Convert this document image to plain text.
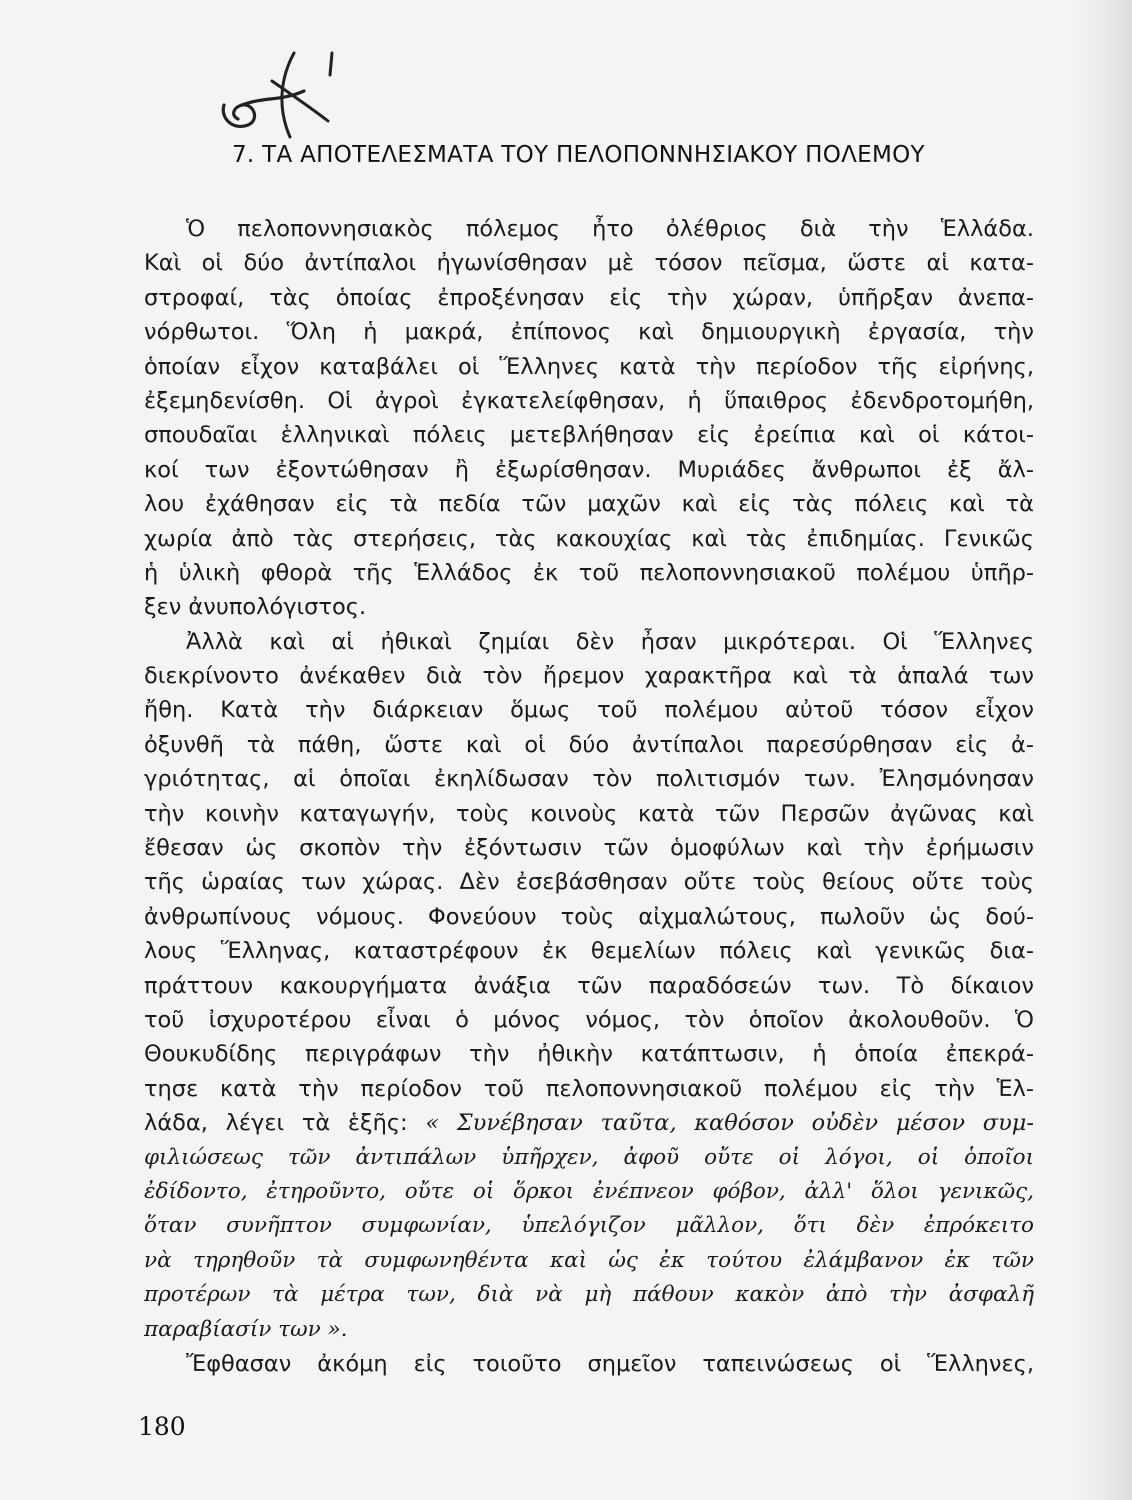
7. ΤΑ ΑΠΟΤΕΛΕΣΜΑΤΑ ΤΟΥ ΠΕΛΟΠΟΝΝΗΣΙΑΚΟΥ ΠΟΛΕΜΟΥ
Ὁ πελοποννησιακὸς πόλεμος ἦτο ὀλέθριος διὰ τὴν Ἑλλάδα.
Καὶ οἱ δύο ἀντίπαλοι ἠγωνίσθησαν μὲ τόσον πεῖσμα, ὥστε αἱ κατα-
στροφαί, τὰς ὁποίας ἐπροξένησαν εἰς τὴν χώραν, ὑπῆρξαν ἀνεπα-
νόρθωτοι. Ὅλη ἡ μακρά, ἐπίπονος καὶ δημιουργικὴ ἐργασία, τὴν
ὁποίαν εἶχον καταβάλει οἱ Ἕλληνες κατὰ τὴν περίοδον τῆς εἰρήνης,
ἐξεμηδενίσθη. Οἱ ἀγροὶ ἐγκατελείφθησαν, ἡ ὕπαιθρος ἐδενδροτομήθη,
σπουδαῖαι ἑλληνικαὶ πόλεις μετεβλήθησαν εἰς ἐρείπια καὶ οἱ κάτοι-
κοί των ἐξοντώθησαν ἢ ἐξωρίσθησαν. Μυριάδες ἄνθρωποι ἐξ ἄλ-
λου ἐχάθησαν εἰς τὰ πεδία τῶν μαχῶν καὶ εἰς τὰς πόλεις καὶ τὰ
χωρία ἀπὸ τὰς στερήσεις, τὰς κακουχίας καὶ τὰς ἐπιδημίας. Γενικῶς
ἡ ὑλικὴ φθορὰ τῆς Ἑλλάδος ἐκ τοῦ πελοποννησιακοῦ πολέμου ὑπῆρ-
ξεν ἀνυπολόγιστος.
Ἀλλὰ καὶ αἱ ἠθικαὶ ζημίαι δὲν ἦσαν μικρότεραι. Οἱ Ἕλληνες
διεκρίνοντο ἀνέκαθεν διὰ τὸν ἤρεμον χαρακτῆρα καὶ τὰ ἁπαλά των
ἤθη. Κατὰ τὴν διάρκειαν ὅμως τοῦ πολέμου αὐτοῦ τόσον εἶχον
ὀξυνθῆ τὰ πάθη, ὥστε καὶ οἱ δύο ἀντίπαλοι παρεσύρθησαν εἰς ἀ-
γριότητας, αἱ ὁποῖαι ἐκηλίδωσαν τὸν πολιτισμόν των. Ἐλησμόνησαν
τὴν κοινὴν καταγωγήν, τοὺς κοινοὺς κατὰ τῶν Περσῶν ἀγῶνας καὶ
ἔθεσαν ὡς σκοπὸν τὴν ἐξόντωσιν τῶν ὁμοφύλων καὶ τὴν ἐρήμωσιν
τῆς ὡραίας των χώρας. Δὲν ἐσεβάσθησαν οὔτε τοὺς θείους οὔτε τοὺς
ἀνθρωπίνους νόμους. Φονεύουν τοὺς αἰχμαλώτους, πωλοῦν ὡς δού-
λους Ἕλληνας, καταστρέφουν ἐκ θεμελίων πόλεις καὶ γενικῶς δια-
πράττουν κακουργήματα ἀνάξια τῶν παραδόσεών των. Τὸ δίκαιον
τοῦ ἰσχυροτέρου εἶναι ὁ μόνος νόμος, τὸν ὁποῖον ἀκολουθοῦν. Ὁ
Θουκυδίδης περιγράφων τὴν ἠθικὴν κατάπτωσιν, ἡ ὁποία ἐπεκρά-
τησε κατὰ τὴν περίοδον τοῦ πελοποννησιακοῦ πολέμου εἰς τὴν Ἑλ-
λάδα, λέγει τὰ ἑξῆς: « Συνέβησαν ταῦτα, καθόσον οὐδὲν μέσον συμ-
φιλιώσεως τῶν ἀντιπάλων ὑπῆρχεν, ἀφοῦ οὔτε οἱ λόγοι, οἱ ὁποῖοι
ἐδίδοντο, ἐτηροῦντο, οὔτε οἱ ὅρκοι ἐνέπνεον φόβον, ἀλλ' ὅλοι γενικῶς,
ὅταν συνῆπτον συμφωνίαν, ὑπελόγιζον μᾶλλον, ὅτι δὲν ἐπρόκειτο
νὰ τηρηθοῦν τὰ συμφωνηθέντα καὶ ὡς ἐκ τούτου ἐλάμβανον ἐκ τῶν
προτέρων τὰ μέτρα των, διὰ νὰ μὴ πάθουν κακὸν ἀπὸ τὴν ἀσφαλῆ
παραβίασίν των ».
Ἔφθασαν ἀκόμη εἰς τοιοῦτο σημεῖον ταπεινώσεως οἱ Ἕλληνες,
180
